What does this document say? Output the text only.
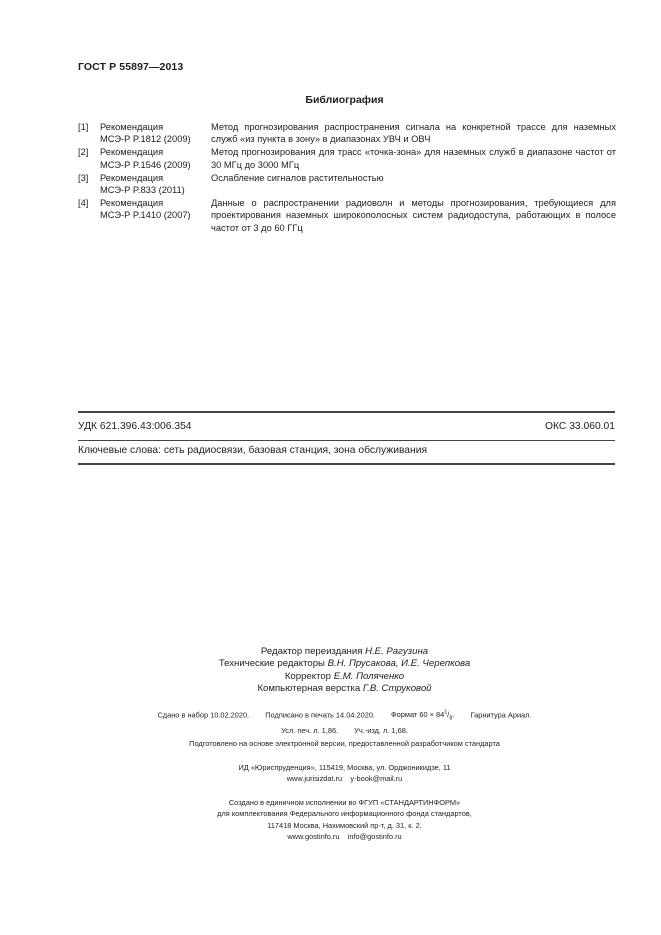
ГОСТ Р 55897—2013
Библиография
[1]	Рекомендация
МСЭ-Р P.1812 (2009)
Метод прогнозирования распространения сигнала на конкретной трассе для наземных служб «из пункта в зону» в диапазонах УВЧ и ОВЧ
[2]	Рекомендация
МСЭ-Р P.1546 (2009)
Метод прогнозирования для трасс «точка-зона» для наземных служб в диапазоне частот от 30 МГц до 3000 МГц
[3]	Рекомендация
МСЭ-Р P.833 (2011)
Ослабление сигналов растительностью
[4]	Рекомендация
МСЭ-Р P.1410 (2007)
Данные о распространении радиоволн и методы прогнозирования, требующиеся для проектирования наземных широкополосных систем радиодоступа, работающих в полосе частот от 3 до 60 ГГц
УДК 621.396.43:006.354	ОКС 33.060.01
Ключевые слова: сеть радиосвязи, базовая станция, зона обслуживания
Редактор переиздания Н.Е. Рагузина
Технические редакторы В.Н. Прусакова, И.Е. Черепкова
Корректор Е.М. Поляченко
Компьютерная верстка Г.В. Струковой
Сдано в набор 10.02.2020. Подписано в печать 14.04.2020. Формат $60 \times 84^1/_8$. Гарнитура Ариал.
Усл. печ. л. 1,86. Уч.-изд. л. 1,68.
Подготовлено на основе электронной версии, предоставленной разработчиком стандарта
ИД «Юриспруденция», 115419, Москва, ул. Орджоникидзе, 11
www.jurisizdat.ru y-book@mail.ru
Создано в единичном исполнении во ФГУП «СТАНДАРТИНФОРМ»
для комплектования Федерального информационного фонда стандартов,
117418 Москва, Нахимовский пр-т, д. 31, к. 2.
www.gostinfo.ru info@gostinfo.ru
